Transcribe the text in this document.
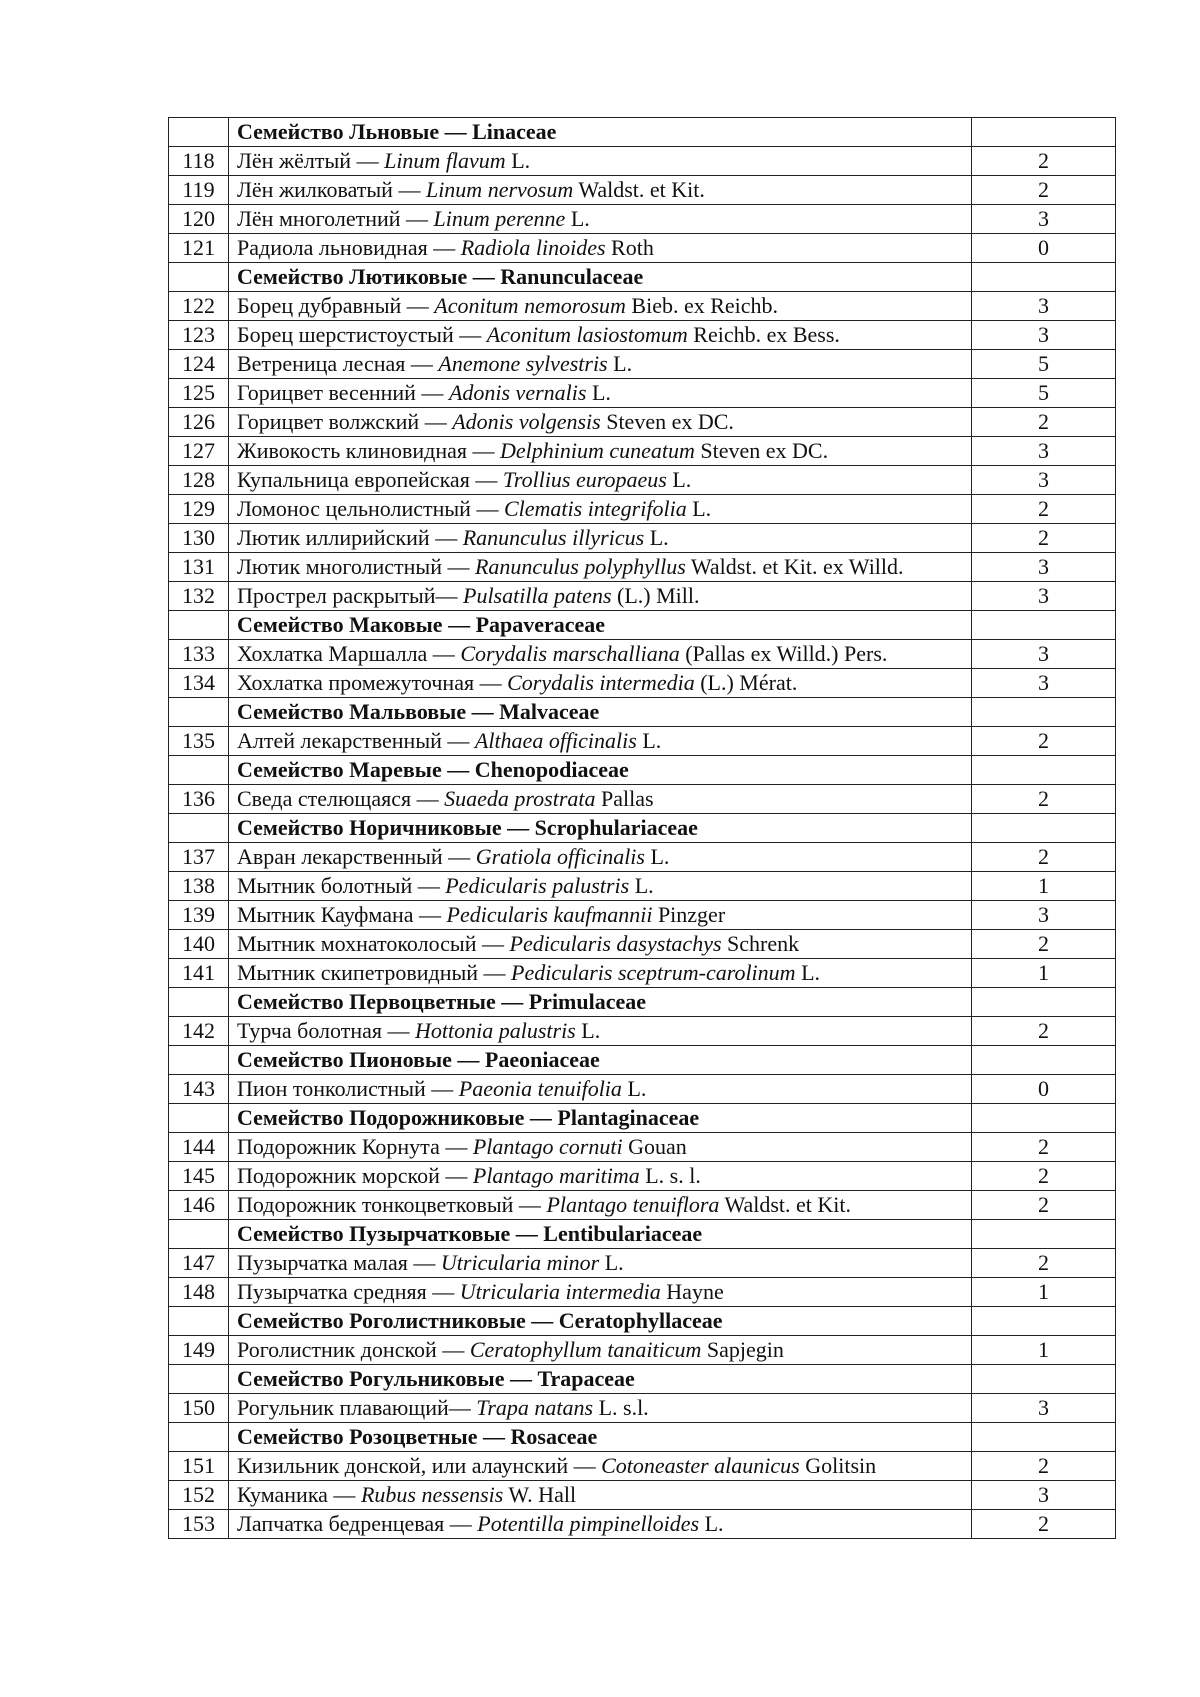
	Семейство Льновые — Linaceae	
118	Лён жёлтый — Linum flavum L.	2
119	Лён жилковатый — Linum nervosum Waldst. et Kit.	2
120	Лён многолетний — Linum perenne L.	3
121	Радиола льновидная — Radiola linoides Roth	0
	Семейство Лютиковые — Ranunculaceae	
122	Борец дубравный — Aconitum nemorosum Bieb. ex Reichb.	3
123	Борец шерстистоустый — Aconitum lasiostomum Reichb. ex Bess.	3
124	Ветреница лесная — Anemone sylvestris L.	5
125	Горицвет весенний — Adonis vernalis L.	5
126	Горицвет волжский — Adonis volgensis Steven ex DC.	2
127	Живокость клиновидная — Delphinium cuneatum Steven ex DC.	3
128	Купальница европейская — Trollius europaeus L.	3
129	Ломонос цельнолистный — Clematis integrifolia L.	2
130	Лютик иллирийский — Ranunculus illyricus L.	2
131	Лютик многолистный — Ranunculus polyphyllus Waldst. et Kit. ex Willd.	3
132	Прострел раскрытый— Pulsatilla patens (L.) Mill.	3
	Семейство Маковые — Papaveraceae	
133	Хохлатка Маршалла — Corydalis marschalliana (Pallas ex Willd.) Pers.	3
134	Хохлатка промежуточная — Corydalis intermedia (L.) Mérat.	3
	Семейство Мальвовые — Malvaceae	
135	Алтей лекарственный — Althaea officinalis L.	2
	Семейство Маревые — Chenopodiaceae	
136	Сведа стелющаяся — Suaeda prostrata Pallas	2
	Семейство Норичниковые — Scrophulariaceae	
137	Авран лекарственный — Gratiola officinalis L.	2
138	Мытник болотный — Pedicularis palustris L.	1
139	Мытник Кауфмана — Pedicularis kaufmannii Pinzger	3
140	Мытник мохнатоколосый — Pedicularis dasystachys Schrenk	2
141	Мытник скипетровидный — Pedicularis sceptrum-carolinum L.	1
	Семейство Первоцветные — Primulaceae	
142	Турча болотная — Hottonia palustris L.	2
	Семейство Пионовые — Paeoniaceae	
143	Пион тонколистный — Paeonia tenuifolia L.	0
	Семейство Подорожниковые — Plantaginaceae	
144	Подорожник Корнута — Plantago cornuti Gouan	2
145	Подорожник морской — Plantago maritima L. s. l.	2
146	Подорожник тонкоцветковый — Plantago tenuiflora Waldst. et Kit.	2
	Семейство Пузырчатковые — Lentibulariaceae	
147	Пузырчатка малая — Utricularia minor L.	2
148	Пузырчатка средняя — Utricularia intermedia Hayne	1
	Семейство Роголистниковые — Ceratophyllaceae	
149	Роголистник донской — Ceratophyllum tanaiticum Sapjegin	1
	Семейство Рогульниковые — Trapaceae	
150	Рогульник плавающий— Trapa natans L. s.l.	3
	Семейство Розоцветные — Rosaceae	
151	Кизильник донской, или алаунский — Cotoneaster alaunicus Golitsin	2
152	Куманика — Rubus nessensis W. Hall	3
153	Лапчатка бедренцевая — Potentilla pimpinelloides L.	2
